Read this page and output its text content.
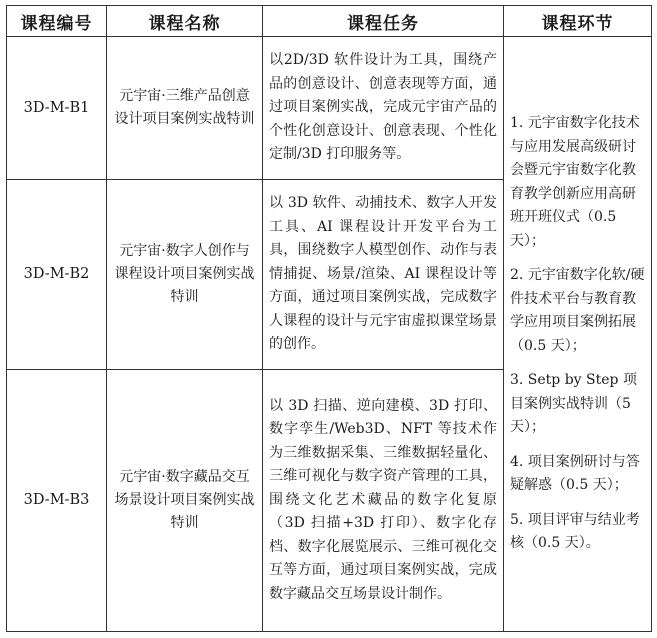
课程编号	课程名称	课程任务	课程环节
3D-M-B1	元宇宙·三维产品创意设计项目案例实战特训	以2D/3D 软件设计为工具，围绕产品的创意设计、创意表现等方面，通过项目案例实战，完成元宇宙产品的个性化创意设计、创意表现、个性化定制/3D 打印服务等。	1. 元宇宙数字化技术与应用发展高级研讨会暨元宇宙数字化教育教学创新应用高研班开班仪式（0.5 天）；
2. 元宇宙数字化软/硬件技术平台与教育教学应用项目案例拓展（0.5 天）；
3. Setp by Step 项目案例实战特训（5 天）；
4. 项目案例研讨与答疑解惑（0.5 天）；
5. 项目评审与结业考核（0.5 天）。

3D-M-B2	元宇宙·数字人创作与课程设计项目案例实战特训	以 3D 软件、动捕技术、数字人开发工具、AI 课程设计开发平台为工具，围绕数字人模型创作、动作与表情捕捉、场景/渲染、AI 课程设计等方面，通过项目案例实战，完成数字人课程的设计与元宇宙虚拟课堂场景的创作。	
3D-M-B3	元宇宙·数字藏品交互场景设计项目案例实战特训	以 3D 扫描、逆向建模、3D 打印、数字孪生/Web3D、NFT 等技术作为三维数据采集、三维数据轻量化、三维可视化与数字资产管理的工具，围绕文化艺术藏品的数字化复原（3D 扫描+3D 打印）、数字化存档、数字化展览展示、三维可视化交互等方面，通过项目案例实战，完成数字藏品交互场景设计制作。	
